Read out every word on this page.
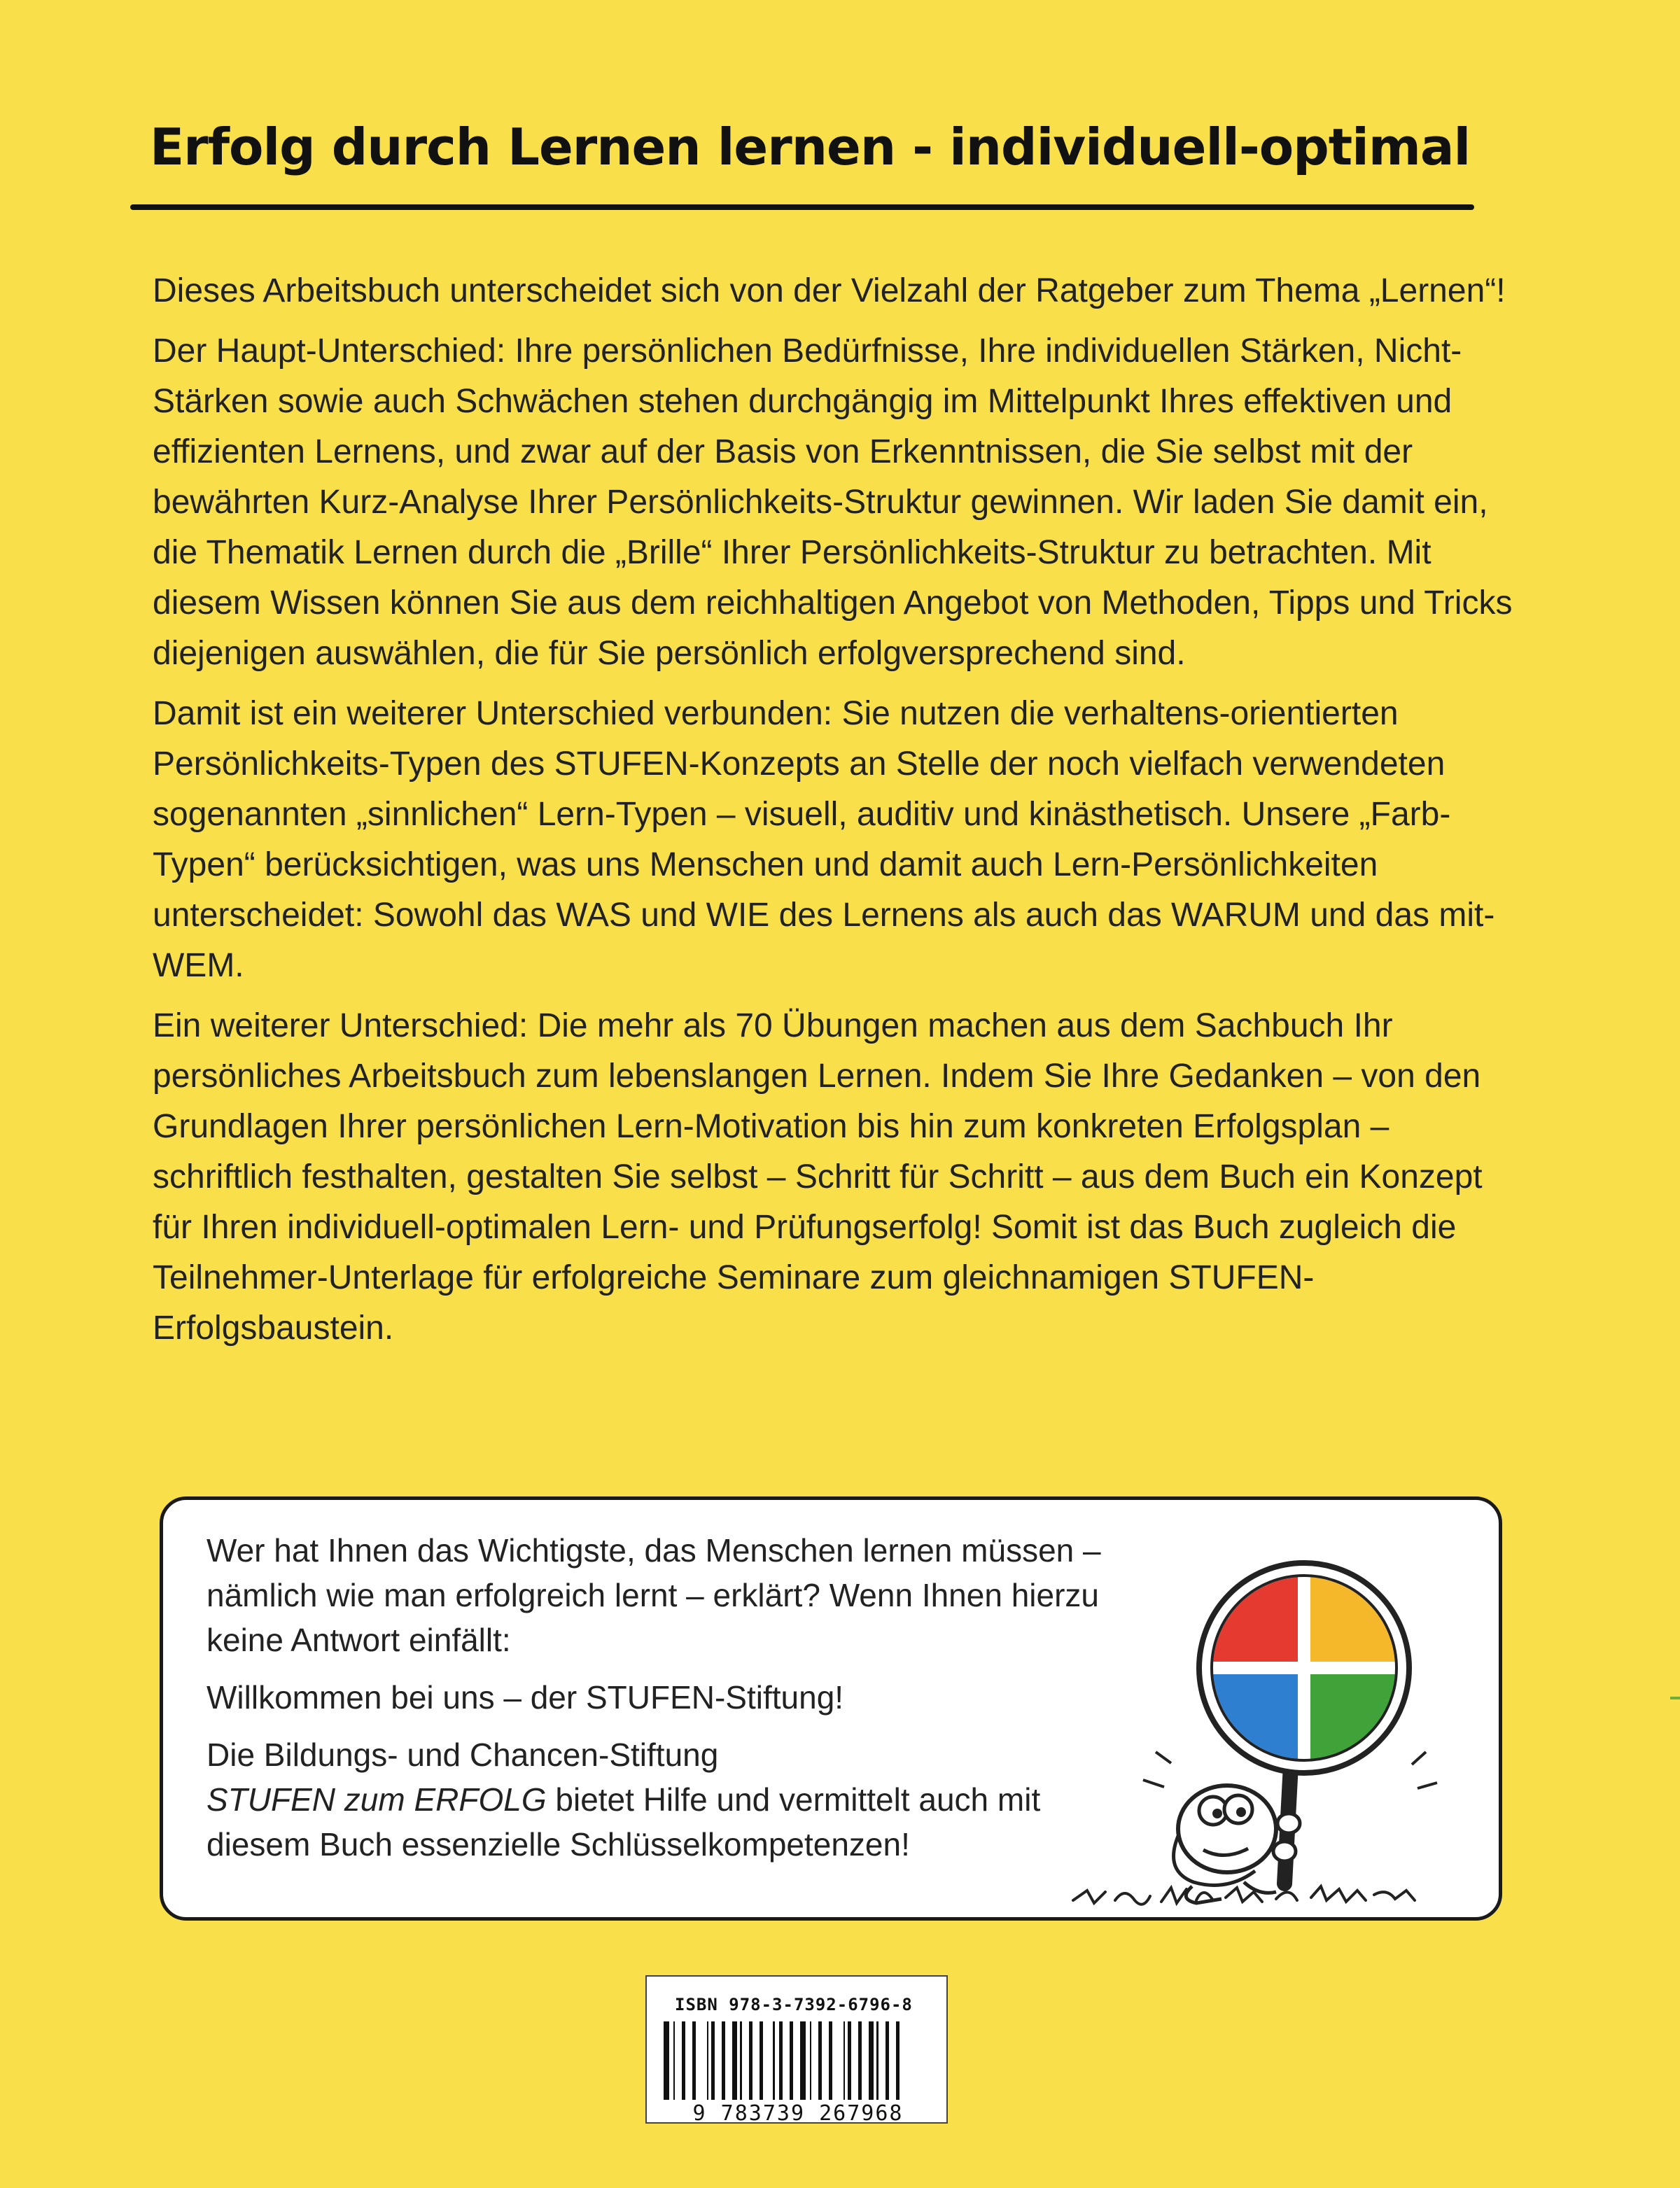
Erfolg durch Lernen lernen - individuell-optimal

Dieses Arbeitsbuch unterscheidet sich von der Vielzahl der Ratgeber zum Thema „Lernen“!

Der Haupt-Unterschied: Ihre persönlichen Bedürfnisse, Ihre individuellen Stärken, Nicht-Stärken sowie auch Schwächen stehen durchgängig im Mittelpunkt Ihres effektiven und effizienten Lernens, und zwar auf der Basis von Erkenntnissen, die Sie selbst mit der bewährten Kurz-Analyse Ihrer Persönlichkeits-Struktur gewinnen. Wir laden Sie damit ein, die Thematik Lernen durch die „Brille“ Ihrer Persönlichkeits-Struktur zu betrachten. Mit diesem Wissen können Sie aus dem reichhaltigen Angebot von Methoden, Tipps und Tricks diejenigen auswählen, die für Sie persönlich erfolgversprechend sind.

Damit ist ein weiterer Unterschied verbunden: Sie nutzen die verhaltens-orientierten Persönlichkeits-Typen des STUFEN-Konzepts an Stelle der noch vielfach verwendeten sogenannten „sinnlichen“ Lern-Typen – visuell, auditiv und kinästhetisch. Unsere „Farb-Typen“ berücksichtigen, was uns Menschen und damit auch Lern-Persönlichkeiten unterscheidet: Sowohl das WAS und WIE des Lernens als auch das WARUM und das mit-WEM.

Ein weiterer Unterschied: Die mehr als 70 Übungen machen aus dem Sachbuch Ihr persönliches Arbeitsbuch zum lebenslangen Lernen. Indem Sie Ihre Gedanken – von den Grundlagen Ihrer persönlichen Lern-Motivation bis hin zum konkreten Erfolgsplan – schriftlich festhalten, gestalten Sie selbst – Schritt für Schritt – aus dem Buch ein Konzept für Ihren individuell-optimalen Lern- und Prüfungserfolg! Somit ist das Buch zugleich die Teilnehmer-Unterlage für erfolgreiche Seminare zum gleichnamigen STUFEN-Erfolgsbaustein.

Wer hat Ihnen das Wichtigste, das Menschen lernen müssen – nämlich wie man erfolgreich lernt – erklärt? Wenn Ihnen hierzu keine Antwort einfällt:

Willkommen bei uns – der STUFEN-Stiftung!

Die Bildungs- und Chancen-Stiftung
STUFEN zum ERFOLG bietet Hilfe und vermittelt auch mit diesem Buch essenzielle Schlüsselkompetenzen!

ISBN 978-3-7392-6796-8
9 783739 267968
